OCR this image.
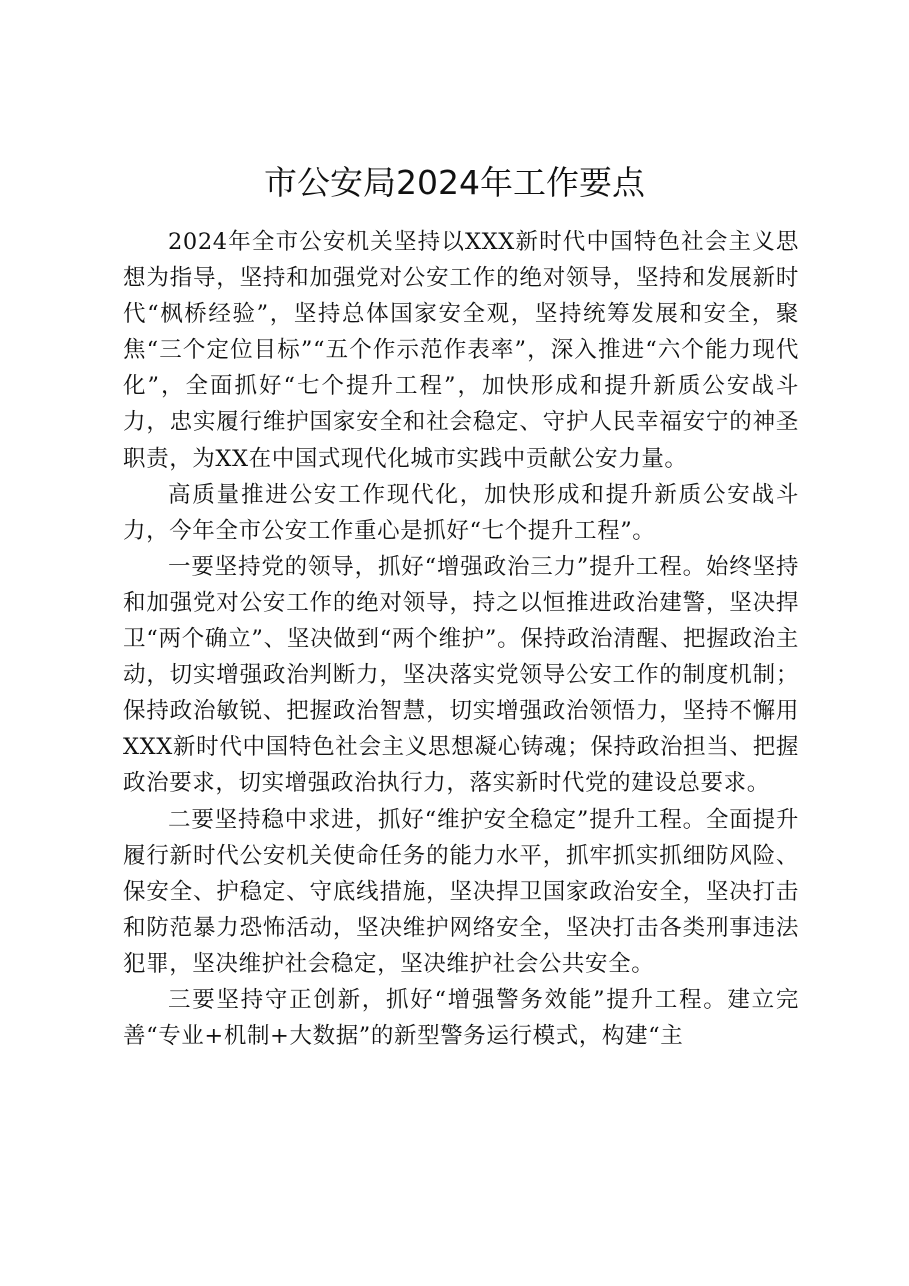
市公安局2024年工作要点

2024年全市公安机关坚持以XXX新时代中国特色社会主义思想为指导，坚持和加强党对公安工作的绝对领导，坚持和发展新时代“枫桥经验”，坚持总体国家安全观，坚持统筹发展和安全，聚焦“三个定位目标”“五个作示范作表率”，深入推进“六个能力现代化”，全面抓好“七个提升工程”，加快形成和提升新质公安战斗力，忠实履行维护国家安全和社会稳定、守护人民幸福安宁的神圣职责，为XX在中国式现代化城市实践中贡献公安力量。

高质量推进公安工作现代化，加快形成和提升新质公安战斗力，今年全市公安工作重心是抓好“七个提升工程”。

一要坚持党的领导，抓好“增强政治三力”提升工程。始终坚持和加强党对公安工作的绝对领导，持之以恒推进政治建警，坚决捍卫“两个确立”、坚决做到“两个维护”。保持政治清醒、把握政治主动，切实增强政治判断力，坚决落实党领导公安工作的制度机制；保持政治敏锐、把握政治智慧，切实增强政治领悟力，坚持不懈用XXX新时代中国特色社会主义思想凝心铸魂；保持政治担当、把握政治要求，切实增强政治执行力，落实新时代党的建设总要求。

二要坚持稳中求进，抓好“维护安全稳定”提升工程。全面提升履行新时代公安机关使命任务的能力水平，抓牢抓实抓细防风险、保安全、护稳定、守底线措施，坚决捍卫国家政治安全，坚决打击和防范暴力恐怖活动，坚决维护网络安全，坚决打击各类刑事违法犯罪，坚决维护社会稳定，坚决维护社会公共安全。

三要坚持守正创新，抓好“增强警务效能”提升工程。建立完善“专业+机制+大数据”的新型警务运行模式，构建“主
